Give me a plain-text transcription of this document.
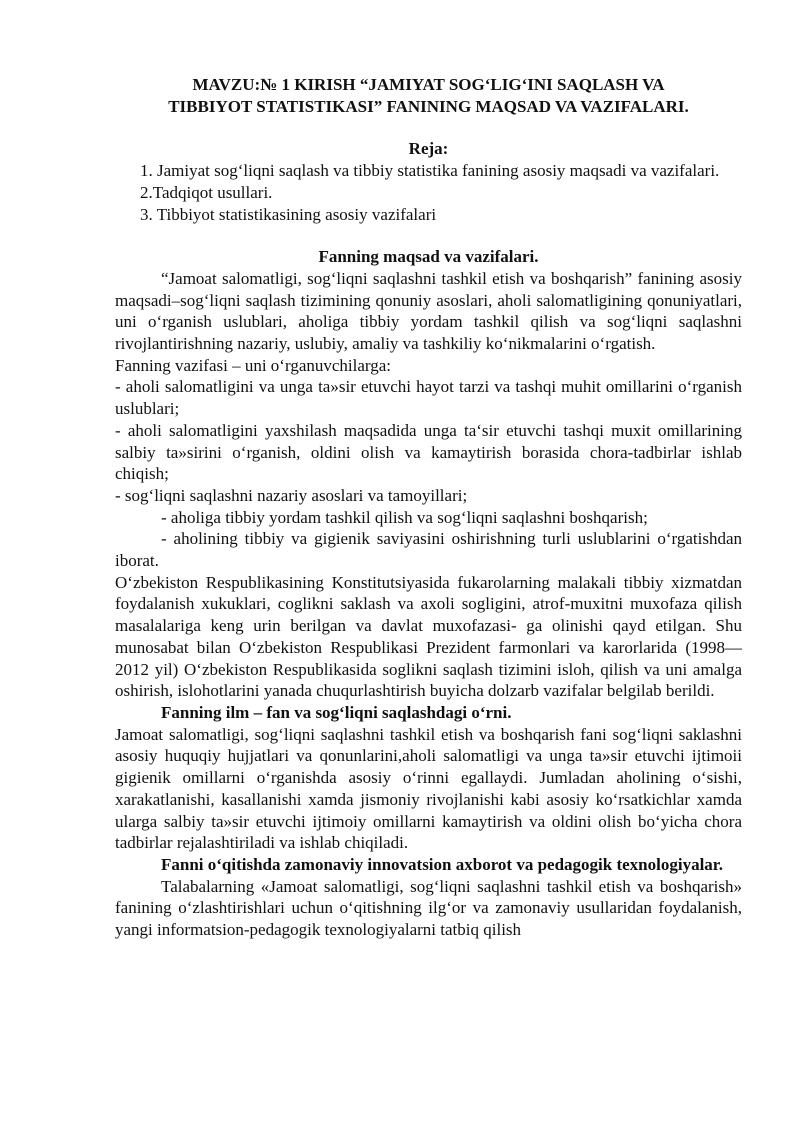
MAVZU:№ 1 KIRISH “JAMIYAT SOG‘LIG‘INI SAQLASH VA

TIBBIYOT STATISTIKASI” FANINING MAQSAD VA VAZIFALARI.

Reja:

1. Jamiyat sog‘liqni saqlash va tibbiy statistika fanining asosiy maqsadi va vazifalari.

2.Tadqiqot usullari.

3. Tibbiyot statistikasining asosiy vazifalari

Fanning maqsad va vazifalari.

“Jamoat salomatligi, sog‘liqni saqlashni tashkil etish va boshqarish” fanining asosiy maqsadi–sog‘liqni saqlash tizimining qonuniy asoslari, aholi salomatligining qonuniyatlari, uni o‘rganish uslublari, aholiga tibbiy yordam tashkil qilish va sog‘liqni saqlashni rivojlantirishning nazariy, uslubiy, amaliy va tashkiliy ko‘nikmalarini o‘rgatish.

Fanning vazifasi – uni o‘rganuvchilarga:

- aholi salomatligini va unga ta»sir etuvchi hayot tarzi va tashqi muhit omillarini o‘rganish uslublari;

- aholi salomatligini yaxshilash maqsadida unga ta‘sir etuvchi tashqi muxit omillarining salbiy ta»sirini o‘rganish, oldini olish va kamaytirish borasida chora-tadbirlar ishlab chiqish;

- sog‘liqni saqlashni nazariy asoslari va tamoyillari;

- aholiga tibbiy yordam tashkil qilish va sog‘liqni saqlashni boshqarish;

- aholining tibbiy va gigienik saviyasini oshirishning turli uslublarini o‘rgatishdan iborat.

O‘zbekiston Respublikasining Konstitutsiyasida fukarolarning malakali tibbiy xizmatdan foydalanish xukuklari, coglikni saklash va axoli sogligini, atrof-muxitni muxofaza qilish masalalariga keng urin berilgan va davlat muxofazasi- ga olinishi qayd etilgan. Shu munosabat bilan O‘zbekiston Respublikasi Prezident farmonlari va karorlarida (1998—2012 yil) O‘zbekiston Respublikasida soglikni saqlash tizimini isloh, qilish va uni amalga oshirish, islohotlarini yanada chuqurlashtirish buyicha dolzarb vazifalar belgilab berildi.

Fanning ilm – fan va sog‘liqni saqlashdagi o‘rni.

Jamoat salomatligi, sog‘liqni saqlashni tashkil etish va boshqarish fani sog‘liqni saklashni asosiy huquqiy hujjatlari va qonunlarini,aholi salomatligi va unga ta»sir etuvchi ijtimoii gigienik omillarni o‘rganishda asosiy o‘rinni egallaydi. Jumladan aholining o‘sishi, xarakatlanishi, kasallanishi xamda jismoniy rivojlanishi kabi asosiy ko‘rsatkichlar xamda ularga salbiy ta»sir etuvchi ijtimoiy omillarni kamaytirish va oldini olish bo‘yicha chora tadbirlar rejalashtiriladi va ishlab chiqiladi.

Fanni o‘qitishda zamonaviy innovatsion axborot va pedagogik texnologiyalar.

Talabalarning «Jamoat salomatligi, sog‘liqni saqlashni tashkil etish va boshqarish» fanining o‘zlashtirishlari uchun o‘qitishning ilg‘or va zamonaviy usullaridan foydalanish, yangi informatsion-pedagogik texnologiyalarni tatbiq qilish
